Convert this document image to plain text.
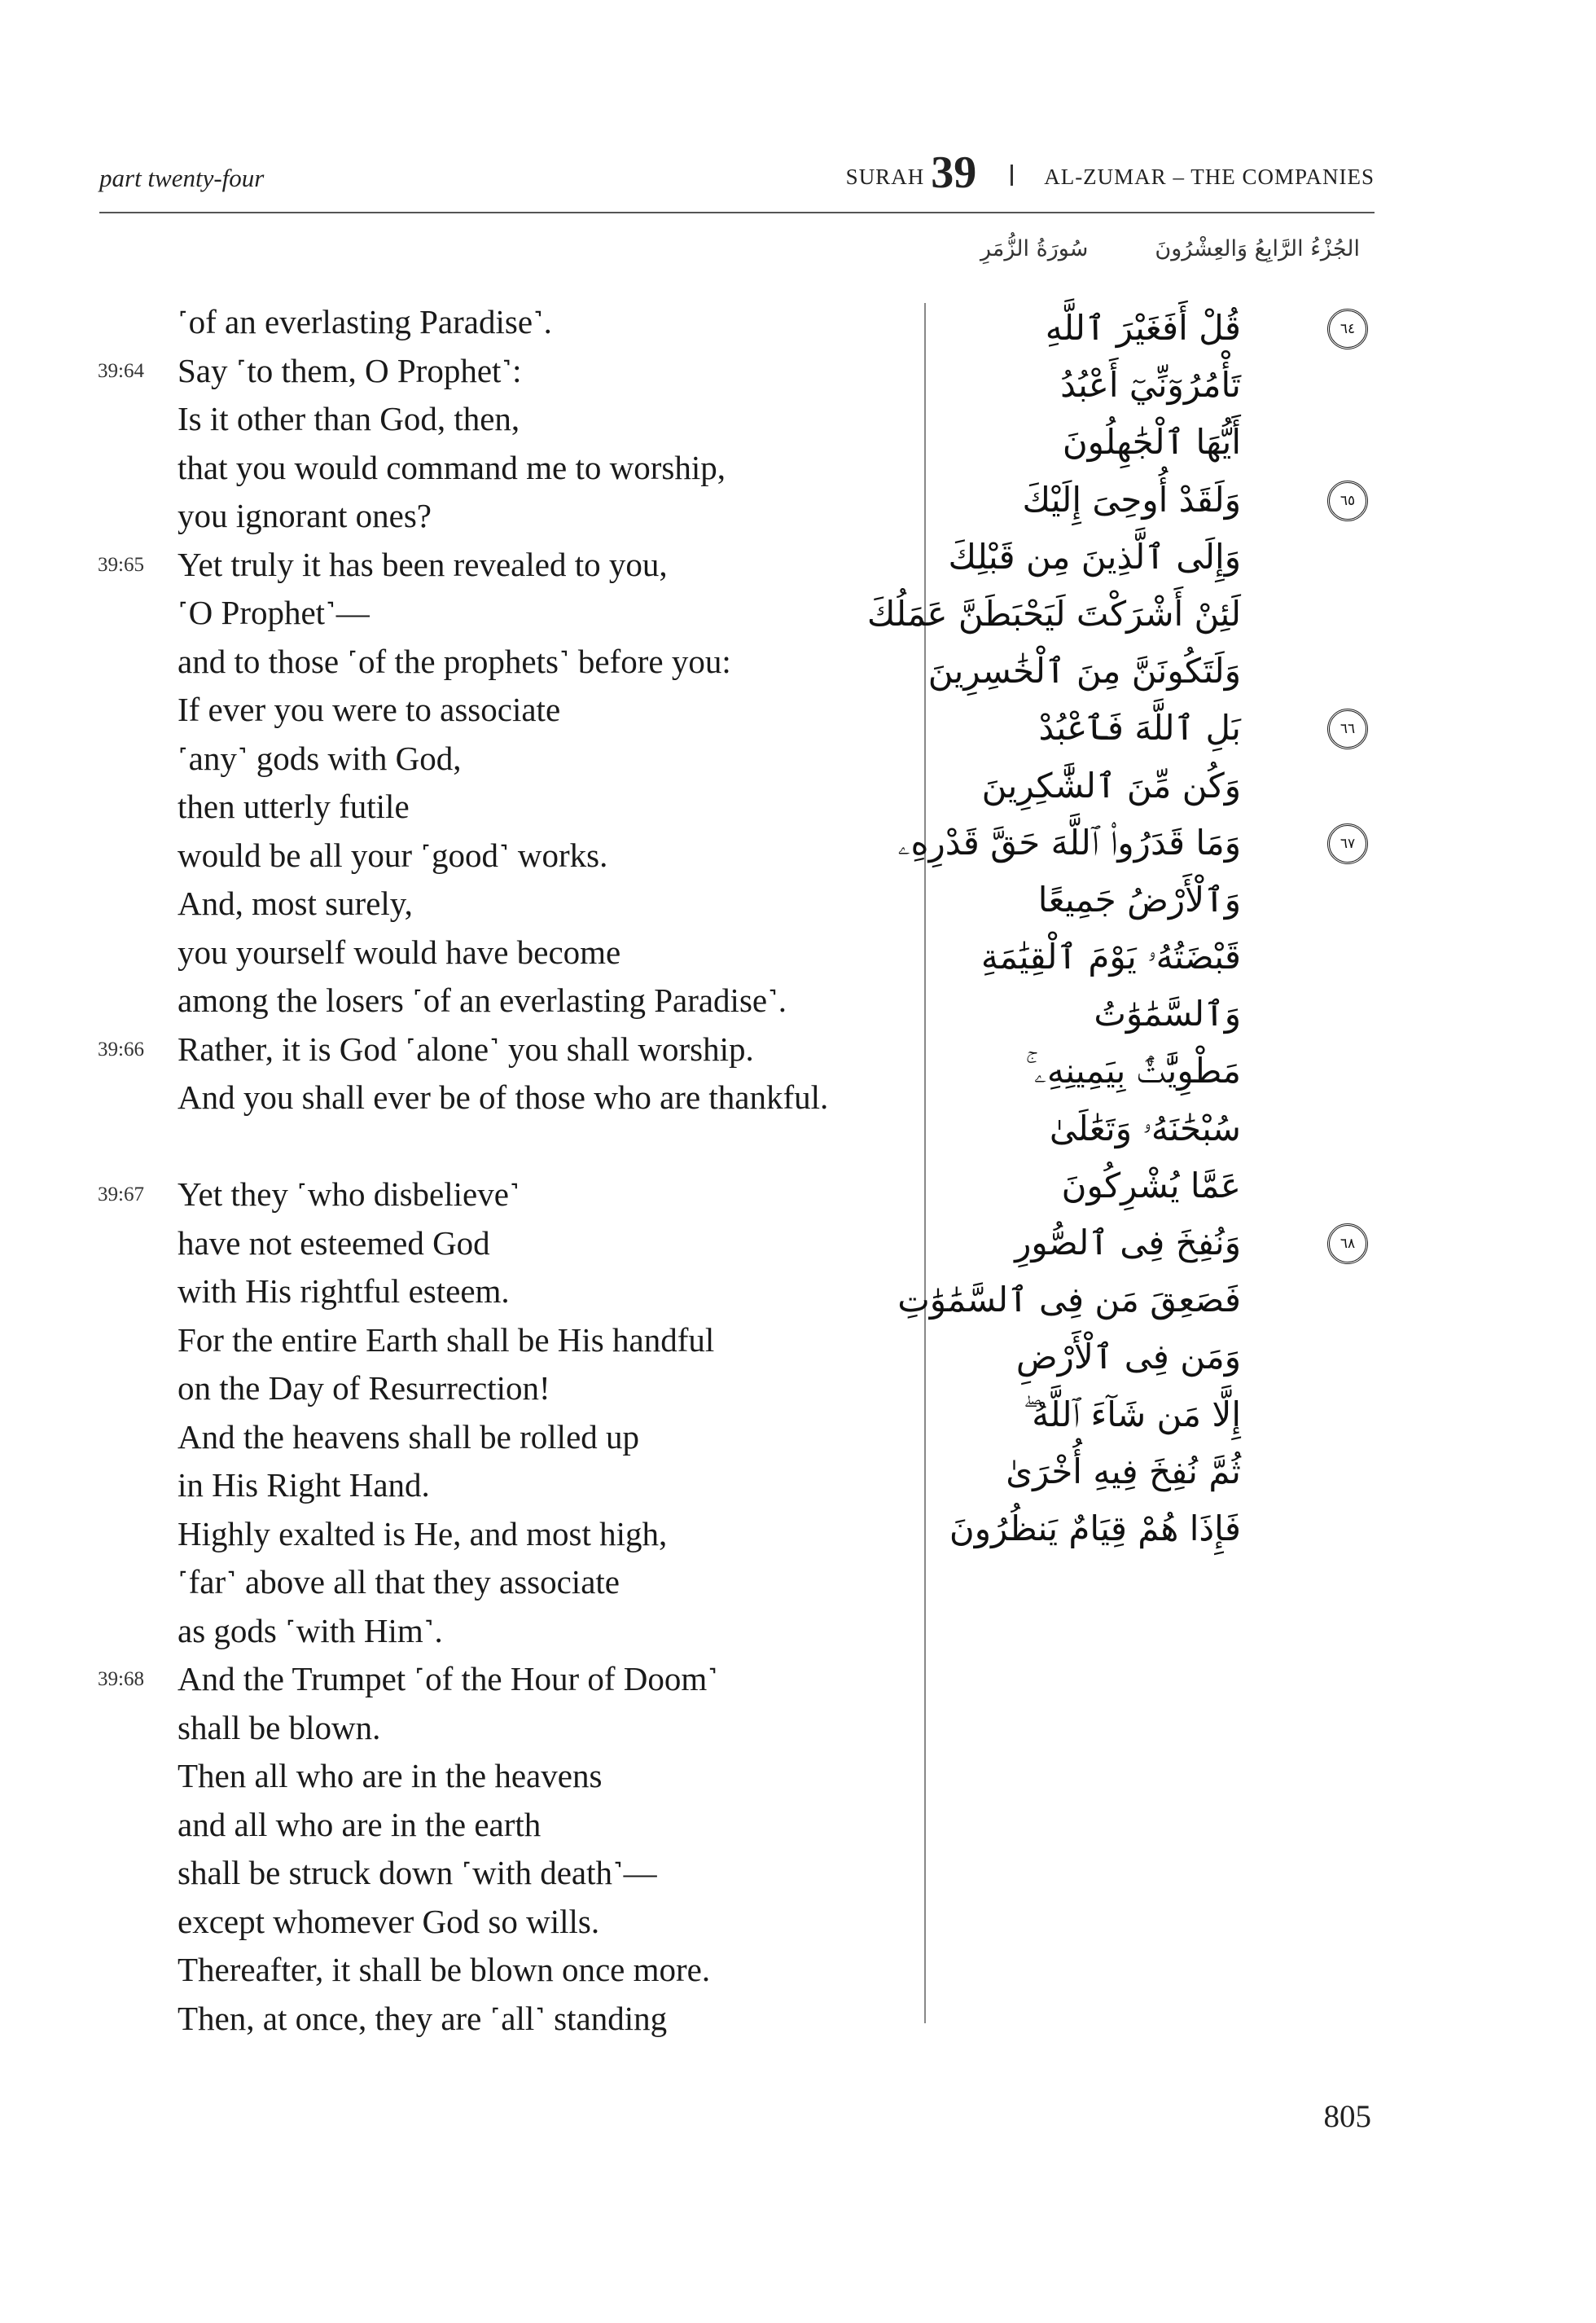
part twenty-four	SURAH 39	AL-ZUMAR – THE COMPANIES
سُورَةُ الزُّمَرِ	الجُزْءُ الرَّابِعُ وَالعِشْرُونَ
˹of an everlasting Paradise˺.
39:64 Say ˹to them, O Prophet˺:
Is it other than God, then,
that you would command me to worship,
you ignorant ones?
39:65 Yet truly it has been revealed to you,
˹O Prophet˺—
and to those ˹of the prophets˺ before you:
If ever you were to associate
˹any˺ gods with God,
then utterly futile
would be all your ˹good˺ works.
And, most surely,
you yourself would have become
among the losers ˹of an everlasting Paradise˺.
39:66 Rather, it is God ˹alone˺ you shall worship.
And you shall ever be of those who are thankful.
39:67 Yet they ˹who disbelieve˺
have not esteemed God
with His rightful esteem.
For the entire Earth shall be His handful
on the Day of Resurrection!
And the heavens shall be rolled up
in His Right Hand.
Highly exalted is He, and most high,
˹far˺ above all that they associate
as gods ˹with Him˺.
39:68 And the Trumpet ˹of the Hour of Doom˺
shall be blown.
Then all who are in the heavens
and all who are in the earth
shall be struck down ˹with death˺—
except whomever God so wills.
Thereafter, it shall be blown once more.
Then, at once, they are ˹all˺ standing
قُلْ أَفَغَيْرَ ٱللَّهِ	٦٤
تَأْمُرُوٓنِّيٓ أَعْبُدُ
أَيُّهَا ٱلْجَٰهِلُونَ
وَلَقَدْ أُوحِىَ إِلَيْكَ	٦٥
وَإِلَى ٱلَّذِينَ مِن قَبْلِكَ
لَئِنْ أَشْرَكْتَ لَيَحْبَطَنَّ عَمَلُكَ
وَلَتَكُونَنَّ مِنَ ٱلْخَٰسِرِينَ
بَلِ ٱللَّهَ فَٱعْبُدْ	٦٦
وَكُن مِّنَ ٱلشَّٰكِرِينَ
وَمَا قَدَرُوا۟ ٱللَّهَ حَقَّ قَدْرِهِۦ	٦٧
وَٱلْأَرْضُ جَمِيعًا
قَبْضَتُهُۥ يَوْمَ ٱلْقِيَٰمَةِ
وَٱلسَّمَٰوَٰتُ
مَطْوِيَّٰتٌۢ بِيَمِينِهِۦ ۚ
سُبْحَٰنَهُۥ وَتَعَٰلَىٰ
عَمَّا يُشْرِكُونَ
وَنُفِخَ فِى ٱلصُّورِ	٦٨
فَصَعِقَ مَن فِى ٱلسَّمَٰوَٰتِ
وَمَن فِى ٱلْأَرْضِ
إِلَّا مَن شَآءَ ٱللَّهُ ۖ
ثُمَّ نُفِخَ فِيهِ أُخْرَىٰ
فَإِذَا هُمْ قِيَامٌ يَنظُرُونَ
805
